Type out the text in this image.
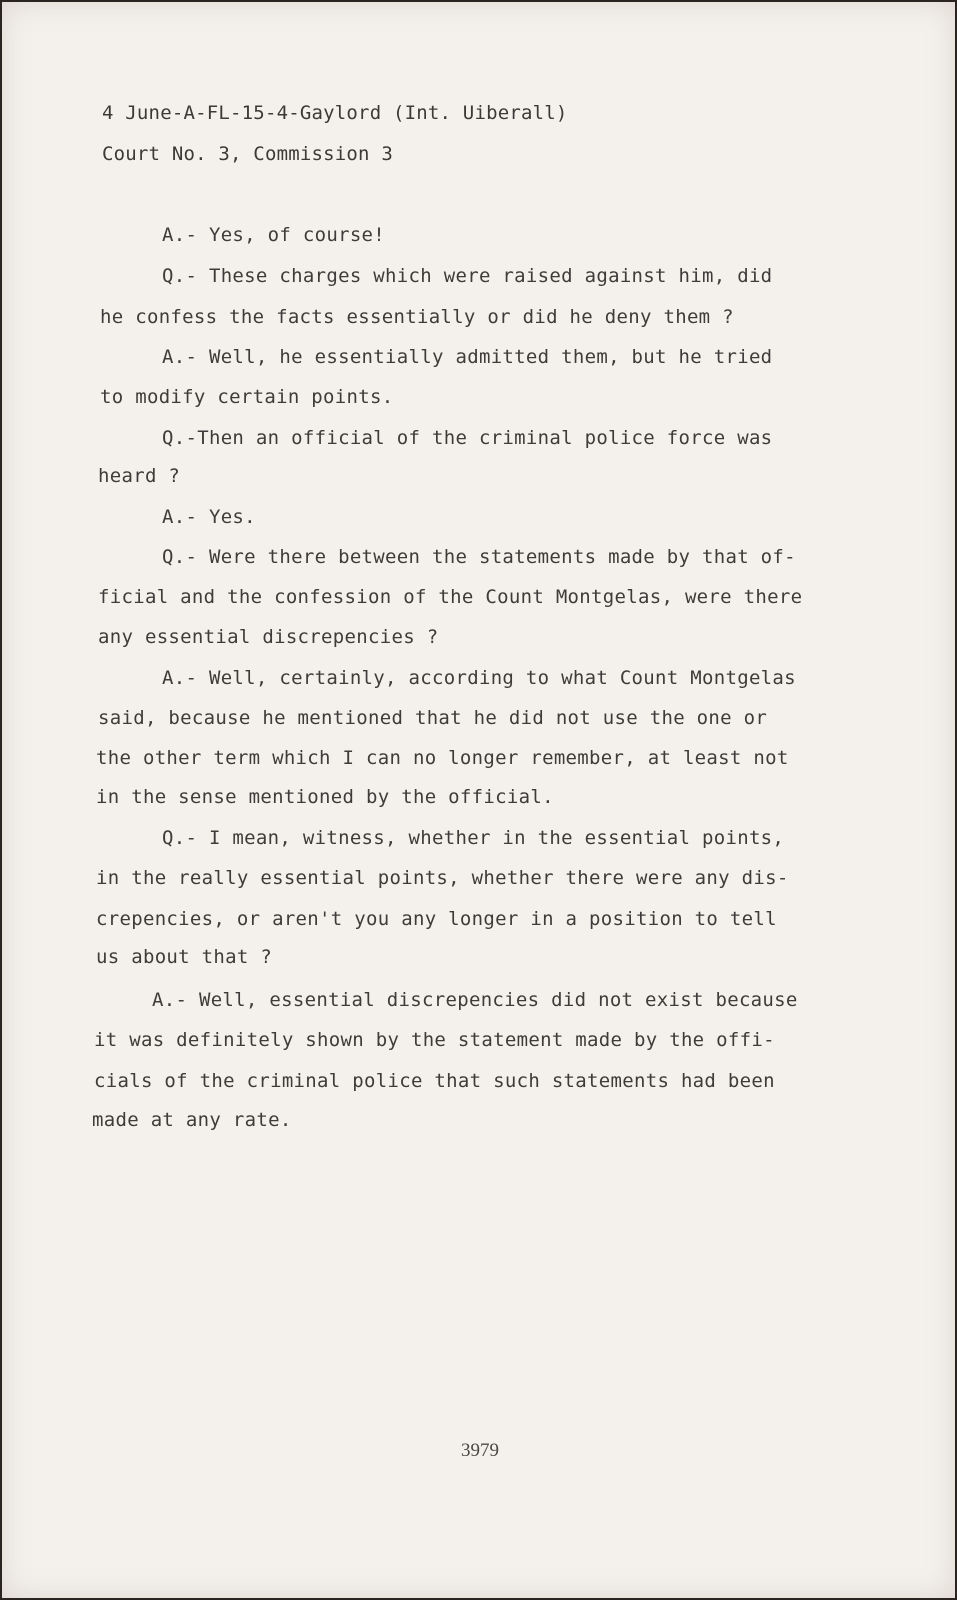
4 June-A-FL-15-4-Gaylord (Int. Uiberall)
Court No. 3, Commission 3
A.- Yes, of course!
Q.- These charges which were raised against him, did
he confess the facts essentially or did he deny them ?
A.- Well, he essentially admitted them, but he tried
to modify certain points.
Q.-Then an official of the criminal police force was
heard ?
A.- Yes.
Q.- Were there between the statements made by that of-
ficial and the confession of the Count Montgelas, were there
any essential discrepencies ?
A.- Well, certainly, according to what Count Montgelas
said, because he mentioned that he did not use the one or
the other term which I can no longer remember, at least not
in the sense mentioned by the official.
Q.- I mean, witness, whether in the essential points,
in the really essential points, whether there were any dis-
crepencies, or aren't you any longer in a position to tell
us about that ?
A.- Well, essential discrepencies did not exist because
it was definitely shown by the statement made by the offi-
cials of the criminal police that such statements had been
made at any rate.
3979
